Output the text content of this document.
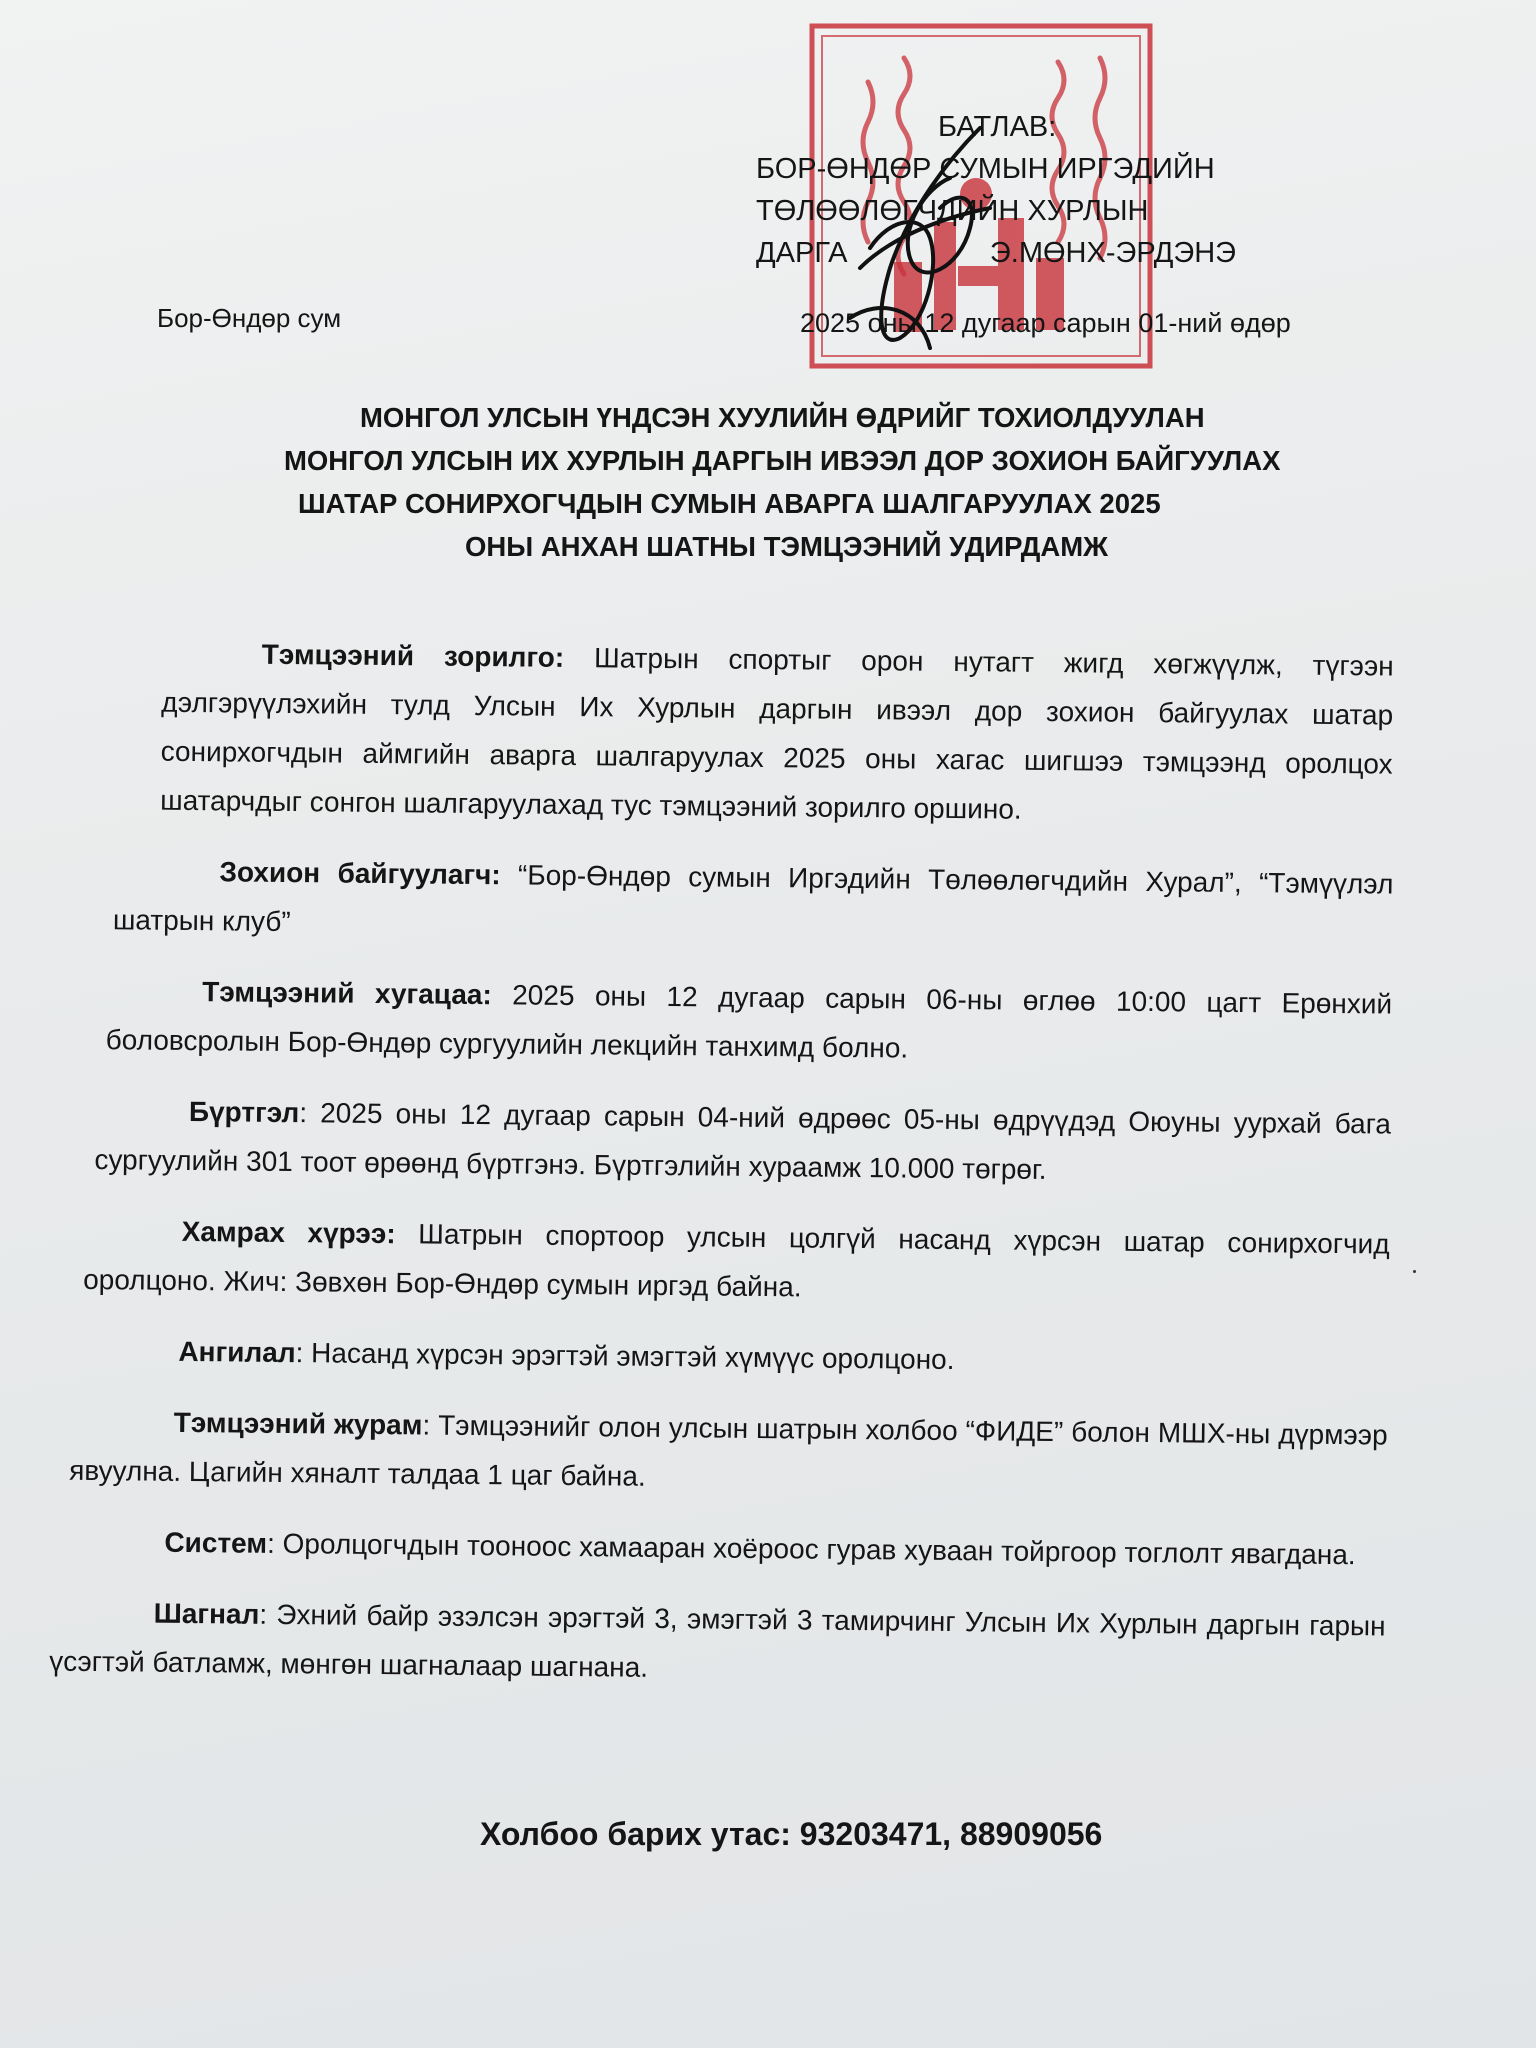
БАТЛАВ:
БОР-ӨНДӨР СУМЫН ИРГЭДИЙН
ТӨЛӨӨЛӨГЧДИЙН ХУРЛЫН
ДАРГА	Э.МӨНХ-ЭРДЭНЭ
Бор-Өндөр сум	2025 оны 12 дугаар сарын 01-ний өдөр
МОНГОЛ УЛСЫН ҮНДСЭН ХУУЛИЙН ӨДРИЙГ ТОХИОЛДУУЛАН
МОНГОЛ УЛСЫН ИХ ХУРЛЫН ДАРГЫН ИВЭЭЛ ДОР ЗОХИОН БАЙГУУЛАХ
ШАТАР СОНИРХОГЧДЫН СУМЫН АВАРГА ШАЛГАРУУЛАХ 2025
ОНЫ АНХАН ШАТНЫ ТЭМЦЭЭНИЙ УДИРДАМЖ
Тэмцээний зорилго: Шатрын спортыг орон нутагт жигд хөгжүүлж, түгээн дэлгэрүүлэхийн тулд Улсын Их Хурлын даргын ивээл дор зохион байгуулах шатар сонирхогчдын аймгийн аварга шалгаруулах 2025 оны хагас шигшээ тэмцээнд оролцох шатарчдыг сонгон шалгаруулахад тус тэмцээний зорилго оршино.
Зохион байгуулагч: “Бор-Өндөр сумын Иргэдийн Төлөөлөгчдийн Хурал”, “Тэмүүлэл шатрын клуб”
Тэмцээний хугацаа: 2025 оны 12 дугаар сарын 06-ны өглөө 10:00 цагт Ерөнхий боловсролын Бор-Өндөр сургуулийн лекцийн танхимд болно.
Бүртгэл: 2025 оны 12 дугаар сарын 04-ний өдрөөс 05-ны өдрүүдэд Оюуны уурхай бага сургуулийн 301 тоот өрөөнд бүртгэнэ. Бүртгэлийн хураамж 10.000 төгрөг.
Хамрах хүрээ: Шатрын спортоор улсын цолгүй насанд хүрсэн шатар сонирхогчид оролцоно. Жич: Зөвхөн Бор-Өндөр сумын иргэд байна.
Ангилал: Насанд хүрсэн эрэгтэй эмэгтэй хүмүүс оролцоно.
Тэмцээний журам: Тэмцээнийг олон улсын шатрын холбоо “ФИДЕ” болон МШХ-ны дүрмээр явуулна. Цагийн хяналт талдаа 1 цаг байна.
Систем: Оролцогчдын тооноос хамааран хоёроос гурав хуваан тойргоор тоглолт явагдана.
Шагнал: Эхний байр эзэлсэн эрэгтэй 3, эмэгтэй 3 тамирчинг Улсын Их Хурлын даргын гарын үсэгтэй батламж, мөнгөн шагналаар шагнана.
Холбоо барих утас: 93203471, 88909056
